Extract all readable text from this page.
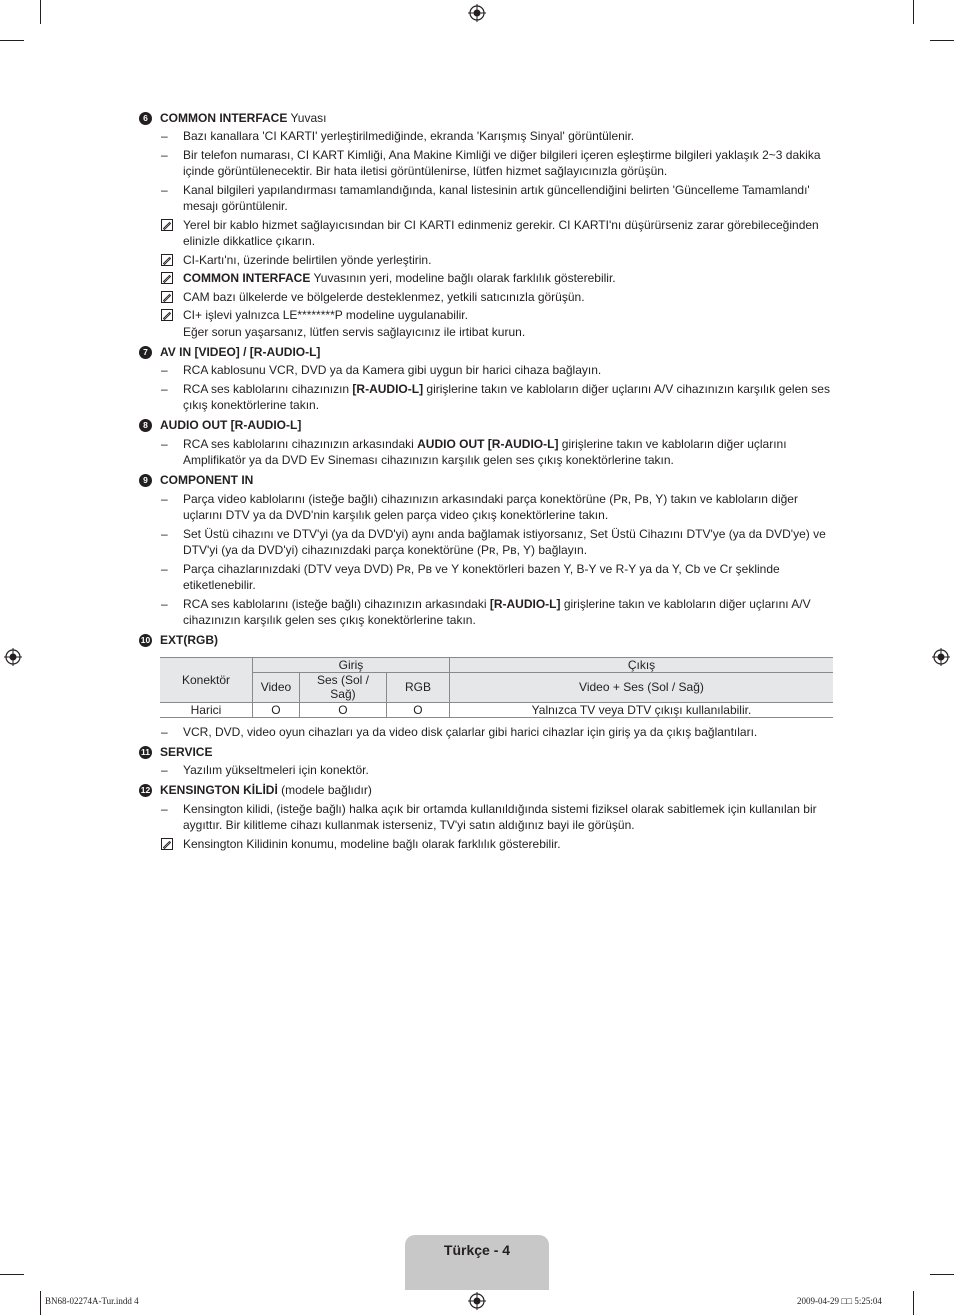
6	COMMON INTERFACE Yuvası
–	Bazı kanallara 'CI KARTI' yerleştirilmediğinde, ekranda 'Karışmış Sinyal' görüntülenir.
–	Bir telefon numarası, CI KART Kimliği, Ana Makine Kimliği ve diğer bilgileri içeren eşleştirme bilgileri yaklaşık 2~3 dakika içinde görüntülenecektir. Bir hata iletisi görüntülenirse, lütfen hizmet sağlayıcınızla görüşün.
–	Kanal bilgileri yapılandırması tamamlandığında, kanal listesinin artık güncellendiğini belirten 'Güncelleme Tamamlandı' mesajı görüntülenir.
Yerel bir kablo hizmet sağlayıcısından bir CI KARTI edinmeniz gerekir. CI KARTI'nı düşürürseniz zarar görebileceğinden elinizle dikkatlice çıkarın.
CI-Kartı'nı, üzerinde belirtilen yönde yerleştirin.
COMMON INTERFACE Yuvasının yeri, modeline bağlı olarak farklılık gösterebilir.
CAM bazı ülkelerde ve bölgelerde desteklenmez, yetkili satıcınızla görüşün.
CI+ işlevi yalnızca LE********P modeline uygulanabilir.
Eğer sorun yaşarsanız, lütfen servis sağlayıcınız ile irtibat kurun.
7	AV IN [VIDEO] / [R-AUDIO-L]
–	RCA kablosunu VCR, DVD ya da Kamera gibi uygun bir harici cihaza bağlayın.
–	RCA ses kablolarını cihazınızın [R-AUDIO-L] girişlerine takın ve kabloların diğer uçlarını A/V cihazınızın karşılık gelen ses çıkış konektörlerine takın.
8	AUDIO OUT [R-AUDIO-L]
–	RCA ses kablolarını cihazınızın arkasındaki AUDIO OUT [R-AUDIO-L] girişlerine takın ve kabloların diğer uçlarını Amplifikatör ya da DVD Ev Sineması cihazınızın karşılık gelen ses çıkış konektörlerine takın.
9	COMPONENT IN
–	Parça video kablolarını (isteğe bağlı) cihazınızın arkasındaki parça konektörüne (Pʀ, Pʙ, Y) takın ve kabloların diğer uçlarını DTV ya da DVD'nin karşılık gelen parça video çıkış konektörlerine takın.
–	Set Üstü cihazını ve DTV'yi (ya da DVD'yi) aynı anda bağlamak istiyorsanız, Set Üstü Cihazını DTV'ye (ya da DVD'ye) ve DTV'yi (ya da DVD'yi) cihazınızdaki parça konektörüne (Pʀ, Pʙ, Y) bağlayın.
–	Parça cihazlarınızdaki (DTV veya DVD) Pʀ, Pʙ ve Y konektörleri bazen Y, B-Y ve R-Y ya da Y, Cb ve Cr şeklinde etiketlenebilir.
–	RCA ses kablolarını (isteğe bağlı) cihazınızın arkasındaki [R-AUDIO-L] girişlerine takın ve kabloların diğer uçlarını A/V cihazınızın karşılık gelen ses çıkış konektörlerine takın.
10 EXT(RGB)
Konektör	Giriş			Çıkış
	Video	Ses (Sol / Sağ)	RGB	Video + Ses (Sol / Sağ)
Harici	O	O	O	Yalnızca TV veya DTV çıkışı kullanılabilir.
–	VCR, DVD, video oyun cihazları ya da video disk çalarlar gibi harici cihazlar için giriş ya da çıkış bağlantıları.
11 SERVICE
–	Yazılım yükseltmeleri için konektör.
12 KENSINGTON KİLİDİ (modele bağlıdır)
–	Kensington kilidi, (isteğe bağlı) halka açık bir ortamda kullanıldığında sistemi fiziksel olarak sabitlemek için kullanılan bir aygıttır. Bir kilitleme cihazı kullanmak isterseniz, TV'yi satın aldığınız bayi ile görüşün.
Kensington Kilidinin konumu, modeline bağlı olarak farklılık gösterebilir.
Türkçe - 4
BN68-02274A-Tur.indd 4	2009-04-29 □□ 5:25:04
